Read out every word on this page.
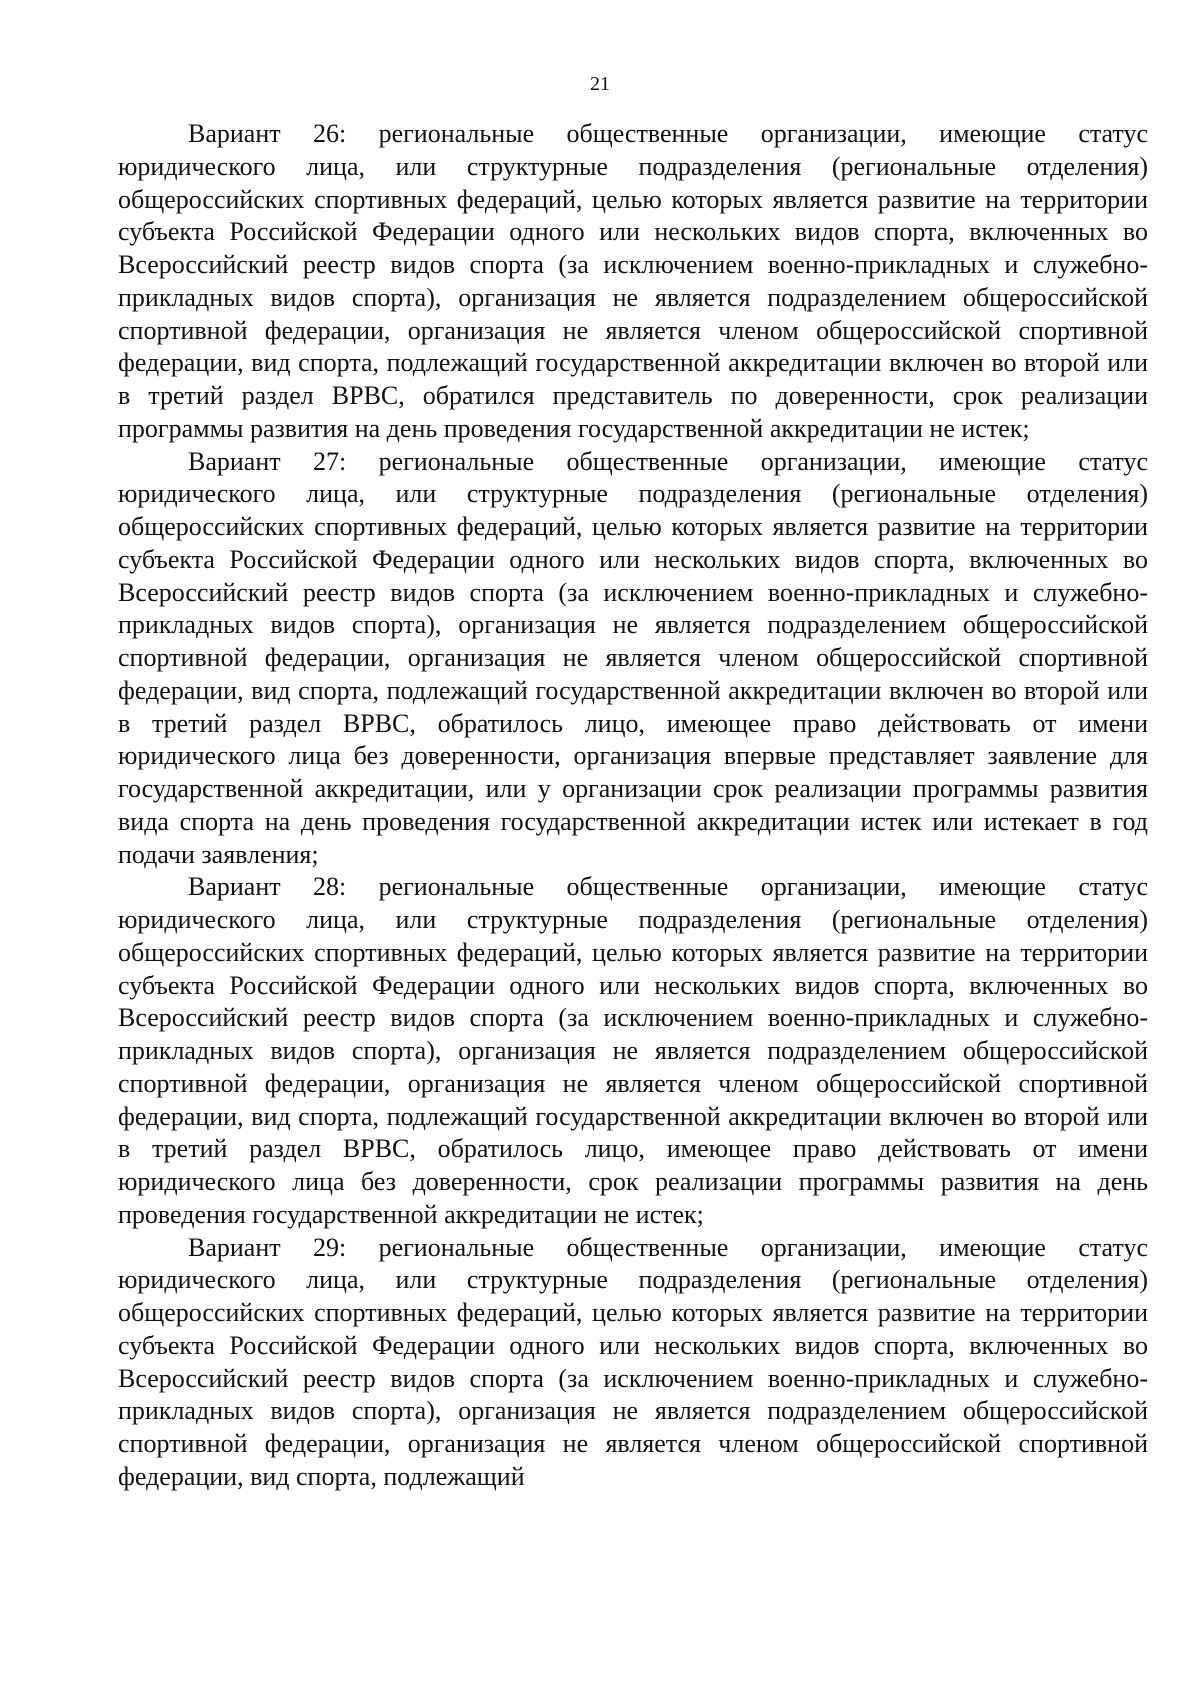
21

Вариант 26: региональные общественные организации, имеющие статус юридического лица, или структурные подразделения (региональные отделения) общероссийских спортивных федераций, целью которых является развитие на территории субъекта Российской Федерации одного или нескольких видов спорта, включенных во Всероссийский реестр видов спорта (за исключением военно-прикладных и служебно-прикладных видов спорта), организация не является подразделением общероссийской спортивной федерации, организация не является членом общероссийской спортивной федерации, вид спорта, подлежащий государственной аккредитации включен во второй или в третий раздел ВРВС, обратился представитель по доверенности, срок реализации программы развития на день проведения государственной аккредитации не истек;

Вариант 27: региональные общественные организации, имеющие статус юридического лица, или структурные подразделения (региональные отделения) общероссийских спортивных федераций, целью которых является развитие на территории субъекта Российской Федерации одного или нескольких видов спорта, включенных во Всероссийский реестр видов спорта (за исключением военно-прикладных и служебно-прикладных видов спорта), организация не является подразделением общероссийской спортивной федерации, организация не является членом общероссийской спортивной федерации, вид спорта, подлежащий государственной аккредитации включен во второй или в третий раздел ВРВС, обратилось лицо, имеющее право действовать от имени юридического лица без доверенности, организация впервые представляет заявление для государственной аккредитации, или у организации срок реализации программы развития вида спорта на день проведения государственной аккредитации истек или истекает в год подачи заявления;

Вариант 28: региональные общественные организации, имеющие статус юридического лица, или структурные подразделения (региональные отделения) общероссийских спортивных федераций, целью которых является развитие на территории субъекта Российской Федерации одного или нескольких видов спорта, включенных во Всероссийский реестр видов спорта (за исключением военно-прикладных и служебно-прикладных видов спорта), организация не является подразделением общероссийской спортивной федерации, организация не является членом общероссийской спортивной федерации, вид спорта, подлежащий государственной аккредитации включен во второй или в третий раздел ВРВС, обратилось лицо, имеющее право действовать от имени юридического лица без доверенности, срок реализации программы развития на день проведения государственной аккредитации не истек;

Вариант 29: региональные общественные организации, имеющие статус юридического лица, или структурные подразделения (региональные отделения) общероссийских спортивных федераций, целью которых является развитие на территории субъекта Российской Федерации одного или нескольких видов спорта, включенных во Всероссийский реестр видов спорта (за исключением военно-прикладных и служебно-прикладных видов спорта), организация не является подразделением общероссийской спортивной федерации, организация не является членом общероссийской спортивной федерации, вид спорта, подлежащий
